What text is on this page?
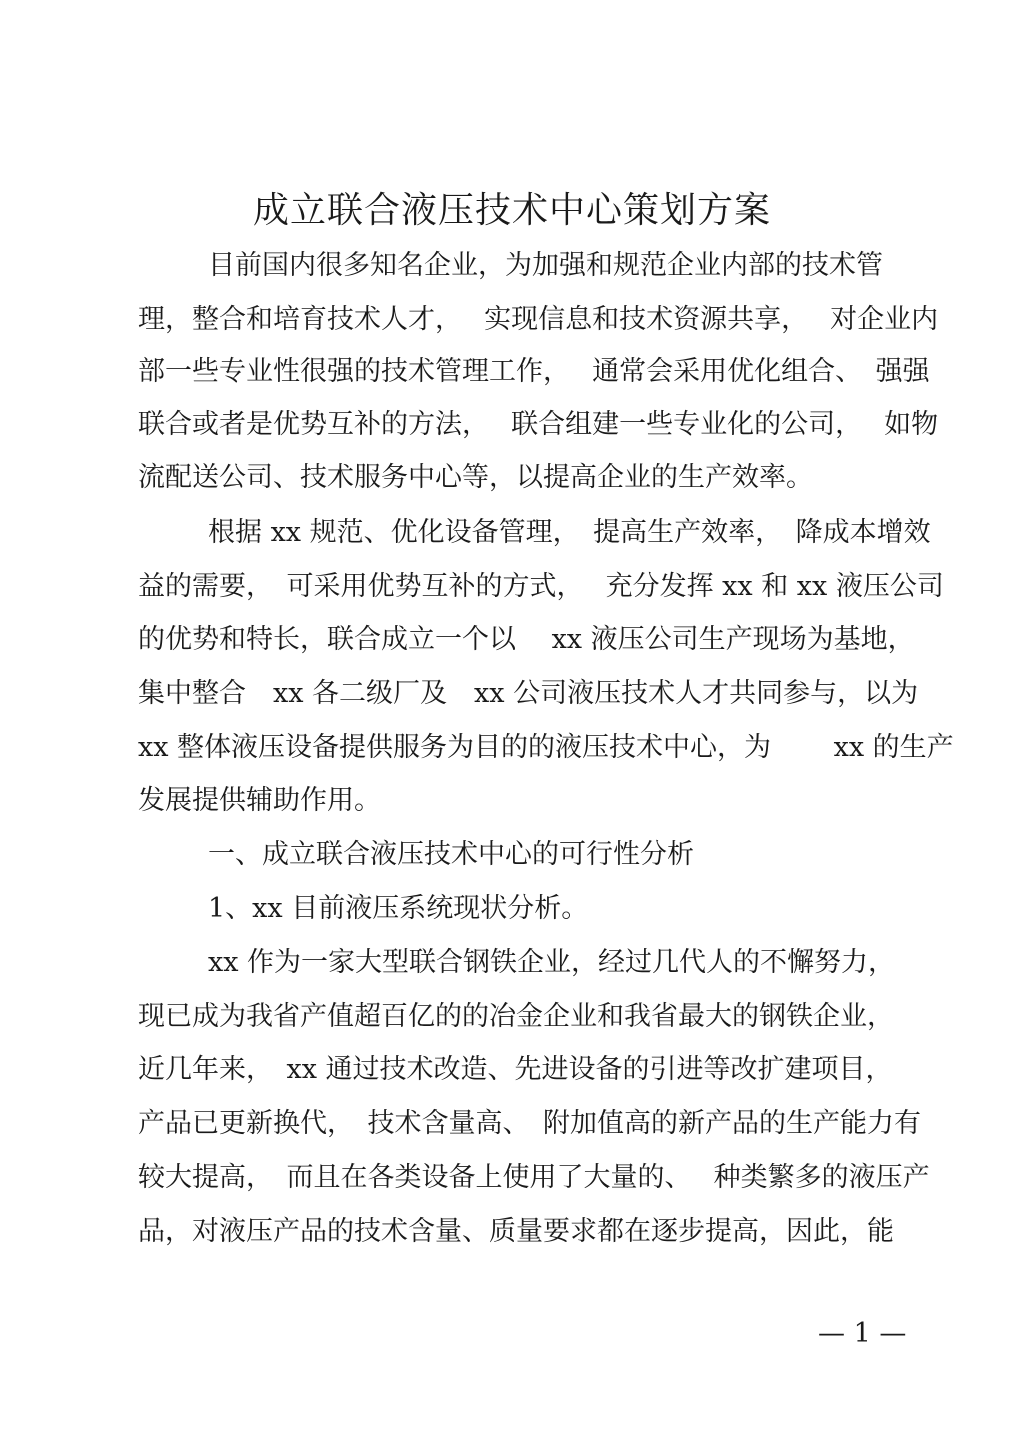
成立联合液压技术中心策划方案
目前国内很多知名企业，为加强和规范企业内部的技术管
理，整合和培育技术人才，　 实现信息和技术资源共享，　 对企业内
部一些专业性很强的技术管理工作，　 通常会采用优化组合、　强强
联合或者是优势互补的方法，　 联合组建一些专业化的公司，　 如物
流配送公司、技术服务中心等，以提高企业的生产效率。
根据 xx 规范、优化设备管理，　提高生产效率，　降成本增效
益的需要，　可采用优势互补的方式，　 充分发挥 xx 和 xx 液压公司
的优势和特长，联合成立一个以　 xx 液压公司生产现场为基地，
集中整合　xx 各二级厂及　xx 公司液压技术人才共同参与，以为
xx 整体液压设备提供服务为目的的液压技术中心，为　　 xx 的生产
发展提供辅助作用。
一、成立联合液压技术中心的可行性分析
1、xx 目前液压系统现状分析。
xx 作为一家大型联合钢铁企业，经过几代人的不懈努力，
现已成为我省产值超百亿的的冶金企业和我省最大的钢铁企业，
近几年来，　xx 通过技术改造、先进设备的引进等改扩建项目，
产品已更新换代，　技术含量高、　附加值高的新产品的生产能力有
较大提高，　而且在各类设备上使用了大量的、　 种类繁多的液压产
品，对液压产品的技术含量、质量要求都在逐步提高，因此，能
— 1 —
